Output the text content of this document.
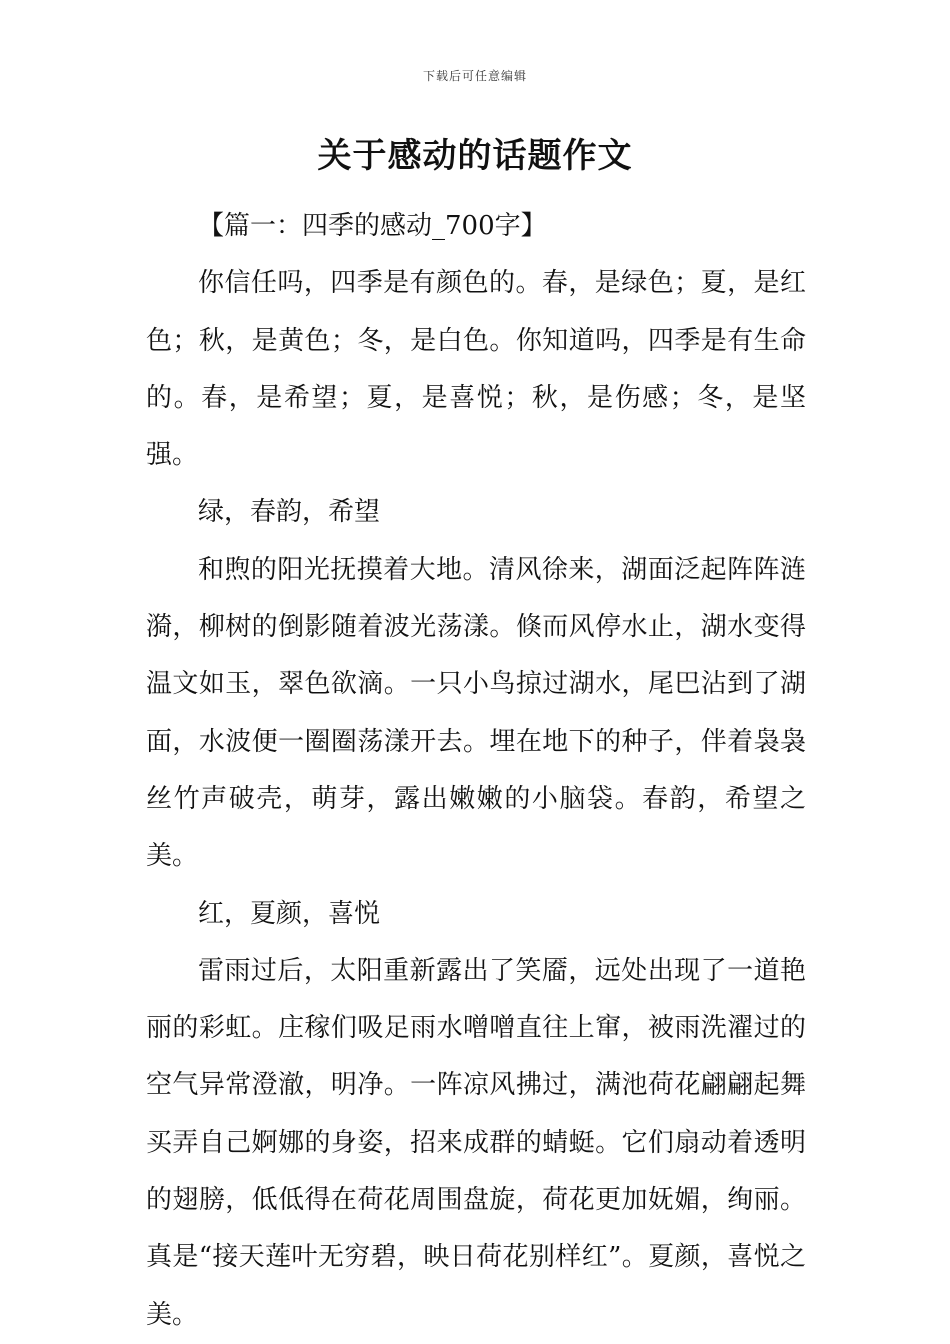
下载后可任意编辑
关于感动的话题作文

【篇一：四季的感动_700字】

你信任吗，四季是有颜色的。春，是绿色；夏，是红色；秋，是黄色；冬，是白色。你知道吗，四季是有生命的。春，是希望；夏，是喜悦；秋，是伤感；冬，是坚强。

绿，春韵，希望

和煦的阳光抚摸着大地。清风徐来，湖面泛起阵阵涟漪，柳树的倒影随着波光荡漾。倏而风停水止，湖水变得温文如玉，翠色欲滴。一只小鸟掠过湖水，尾巴沾到了湖面，水波便一圈圈荡漾开去。埋在地下的种子，伴着袅袅丝竹声破壳，萌芽，露出嫩嫩的小脑袋。春韵，希望之美。

红，夏颜，喜悦

雷雨过后，太阳重新露出了笑靥，远处出现了一道艳丽的彩虹。庄稼们吸足雨水噌噌直往上窜，被雨洗濯过的空气异常澄澈，明净。一阵凉风拂过，满池荷花翩翩起舞买弄自己婀娜的身姿，招来成群的蜻蜓。它们扇动着透明的翅膀，低低得在荷花周围盘旋，荷花更加妩媚，绚丽。真是“接天莲叶无穷碧，映日荷花别样红”。夏颜，喜悦之美。
